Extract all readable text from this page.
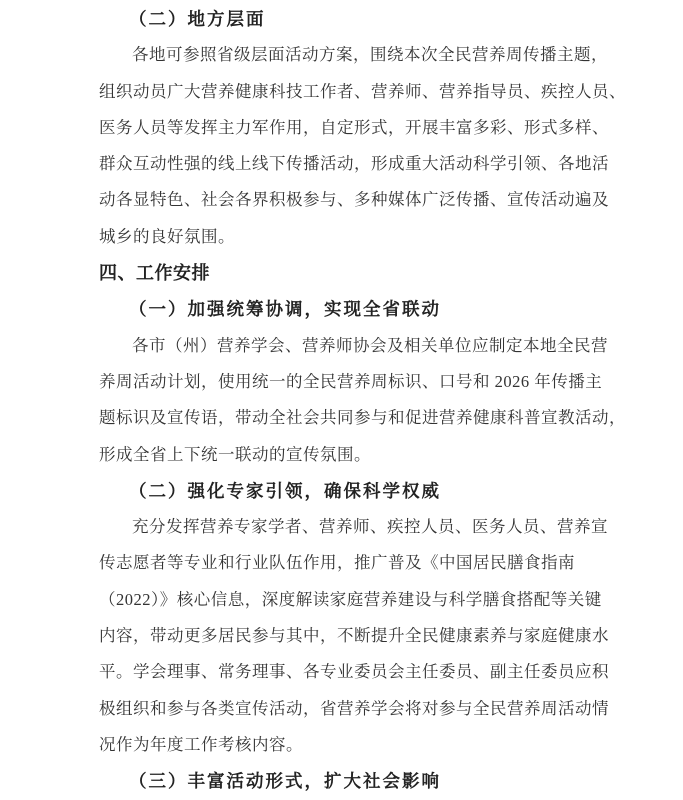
（二）地方层面
各地可参照省级层面活动方案，围绕本次全民营养周传播主题，
组织动员广大营养健康科技工作者、营养师、营养指导员、疾控人员、
医务人员等发挥主力军作用，自定形式，开展丰富多彩、形式多样、
群众互动性强的线上线下传播活动，形成重大活动科学引领、各地活
动各显特色、社会各界积极参与、多种媒体广泛传播、宣传活动遍及
城乡的良好氛围。
四、工作安排
（一）加强统筹协调，实现全省联动
各市（州）营养学会、营养师协会及相关单位应制定本地全民营
养周活动计划，使用统一的全民营养周标识、口号和 2026 年传播主
题标识及宣传语，带动全社会共同参与和促进营养健康科普宣教活动，
形成全省上下统一联动的宣传氛围。
（二）强化专家引领，确保科学权威
充分发挥营养专家学者、营养师、疾控人员、医务人员、营养宣
传志愿者等专业和行业队伍作用，推广普及《中国居民膳食指南
（2022）》核心信息，深度解读家庭营养建设与科学膳食搭配等关键
内容，带动更多居民参与其中，不断提升全民健康素养与家庭健康水
平。学会理事、常务理事、各专业委员会主任委员、副主任委员应积
极组织和参与各类宣传活动，省营养学会将对参与全民营养周活动情
况作为年度工作考核内容。
（三）丰富活动形式，扩大社会影响
